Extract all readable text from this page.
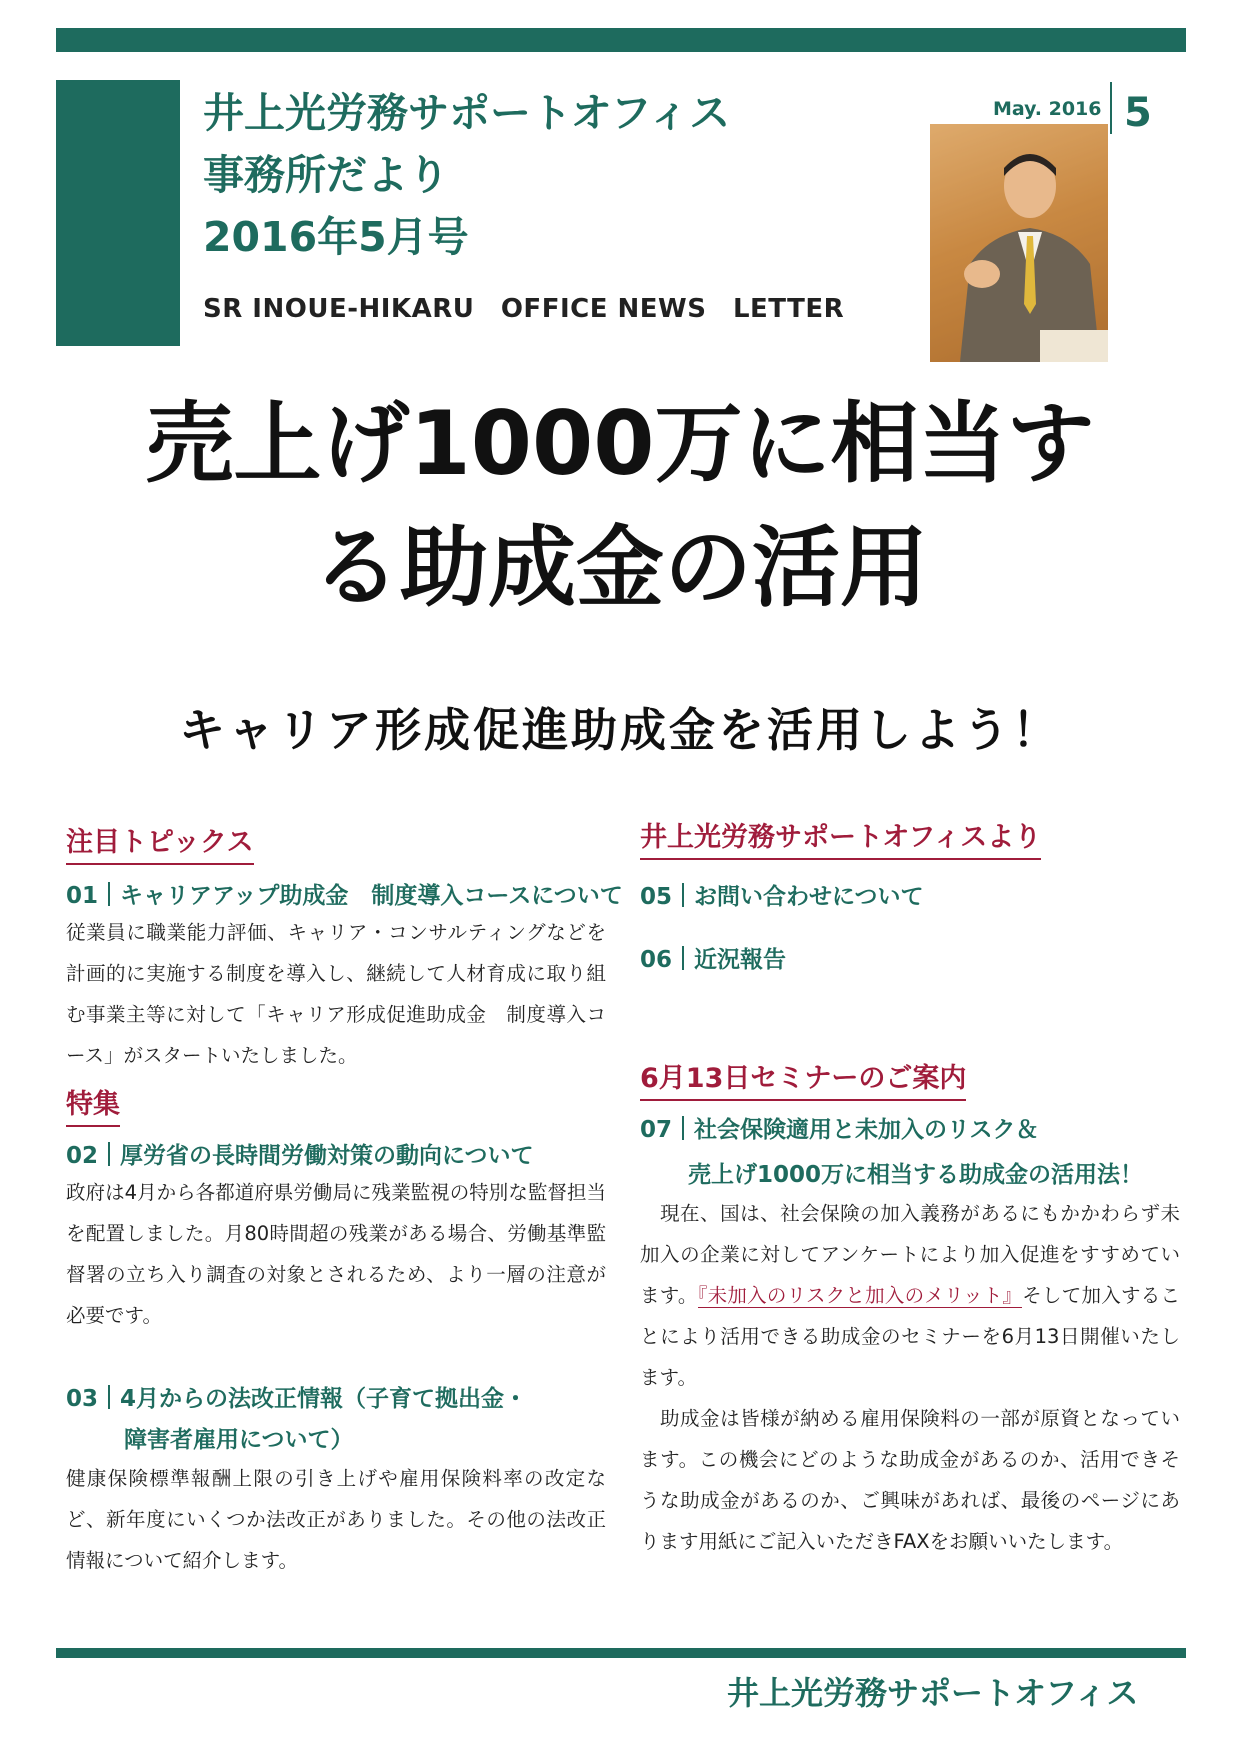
井上光労務サポートオフィス
事務所だより
2016年5月号
SR INOUE-HIKARU　OFFICE NEWS　LETTER
May. 2016 5
売上げ1000万に相当す
る助成金の活用
キャリア形成促進助成金を活用しよう！
注目トピックス
01 キャリアアップ助成金　制度導入コースについて

従業員に職業能力評価、キャリア・コンサルティングなどを計画的に実施する制度を導入し、継続して人材育成に取り組む事業主等に対して「キャリア形成促進助成金　制度導入コース」がスタートいたしました。

特集
02 厚労省の長時間労働対策の動向について

政府は4月から各都道府県労働局に残業監視の特別な監督担当を配置しました。月80時間超の残業がある場合、労働基準監督署の立ち入り調査の対象とされるため、より一層の注意が必要です。

03 4月からの法改正情報（子育て拠出金・
障害者雇用について）

健康保険標準報酬上限の引き上げや雇用保険料率の改定など、新年度にいくつか法改正がありました。その他の法改正情報について紹介します。

井上光労務サポートオフィスより
05 お問い合わせについて
06 近況報告
6月13日セミナーのご案内
07 社会保険適用と未加入のリスク＆
売上げ1000万に相当する助成金の活用法！

　現在、国は、社会保険の加入義務があるにもかかわらず未加入の企業に対してアンケートにより加入促進をすすめています。『未加入のリスクと加入のメリット』そして加入することにより活用できる助成金のセミナーを6月13日開催いたします。

　助成金は皆様が納める雇用保険料の一部が原資となっています。この機会にどのような助成金があるのか、活用できそうな助成金があるのか、ご興味があれば、最後のページにあります用紙にご記入いただきFAXをお願いいたします。

井上光労務サポートオフィス
